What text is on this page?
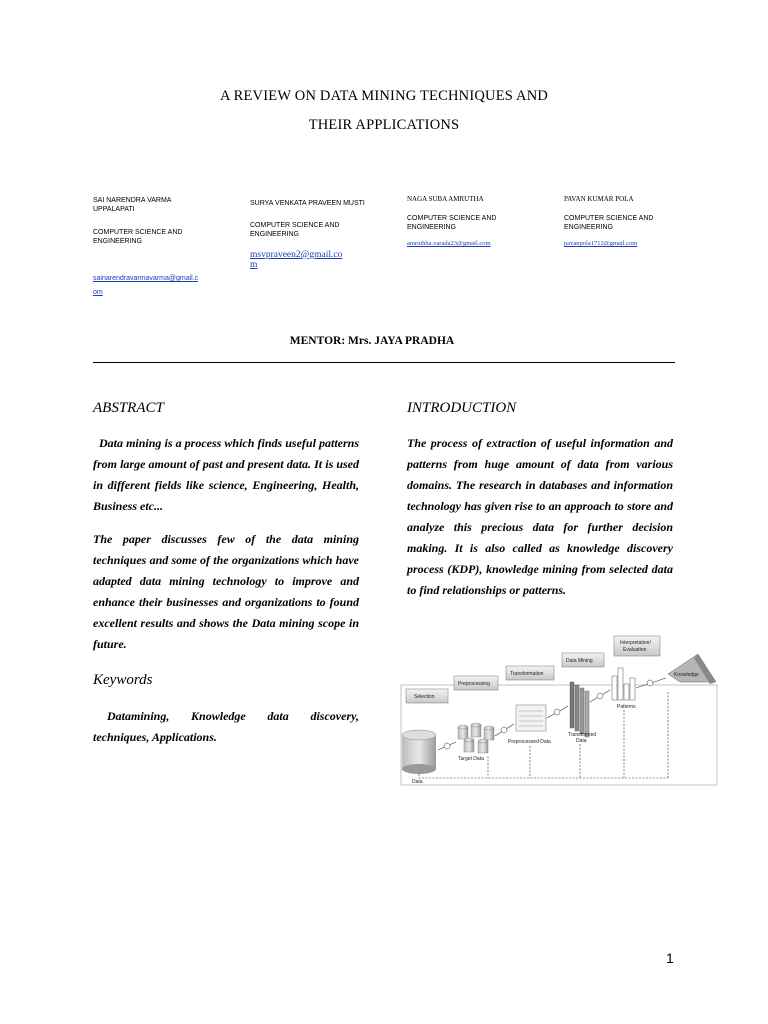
A REVIEW ON DATA MINING TECHNIQUES AND
THEIR APPLICATIONS
SAI NARENDRA VARMA
UPPALAPATI
COMPUTER SCIENCE AND
ENGINEERING
sainarendravarmavarma@gmail.c
om
SURYA VENKATA PRAVEEN MUSTI
COMPUTER SCIENCE AND
ENGINEERING
msvpraveen2@gmail.co
m
NAGA SUBA AMRUTHA
COMPUTER SCIENCE AND
ENGINEERING
amruthha.varada23@gmail.com
PAVAN KUMAR POLA
COMPUTER SCIENCE AND
ENGINEERING
pavanpola1712@gmail.com
MENTOR: Mrs. JAYA PRADHA
ABSTRACT
Data mining is a process which finds useful patterns from large amount of past and present data. It is used in different fields like science, Engineering, Health, Business etc...
The paper discusses few of the data mining techniques and some of the organizations which have adapted data mining technology to improve and enhance their businesses and organizations to found excellent results and shows the Data mining scope in future.
Keywords
Datamining, Knowledge data discovery, techniques, Applications.
INTRODUCTION
The process of extraction of useful information and patterns from huge amount of data from various domains. The research in databases and information technology has given rise to an approach to store and analyze this precious data for further decision making. It is also called as knowledge discovery process (KDP), knowledge mining from selected data to find relationships or patterns.
Selection
Preprocessing
Transformation
Data Mining
Interpretation/
Evaluation
Data
Target Data
Preprocessed Data
Transformed
Data
Patterns
Knowledge
1
